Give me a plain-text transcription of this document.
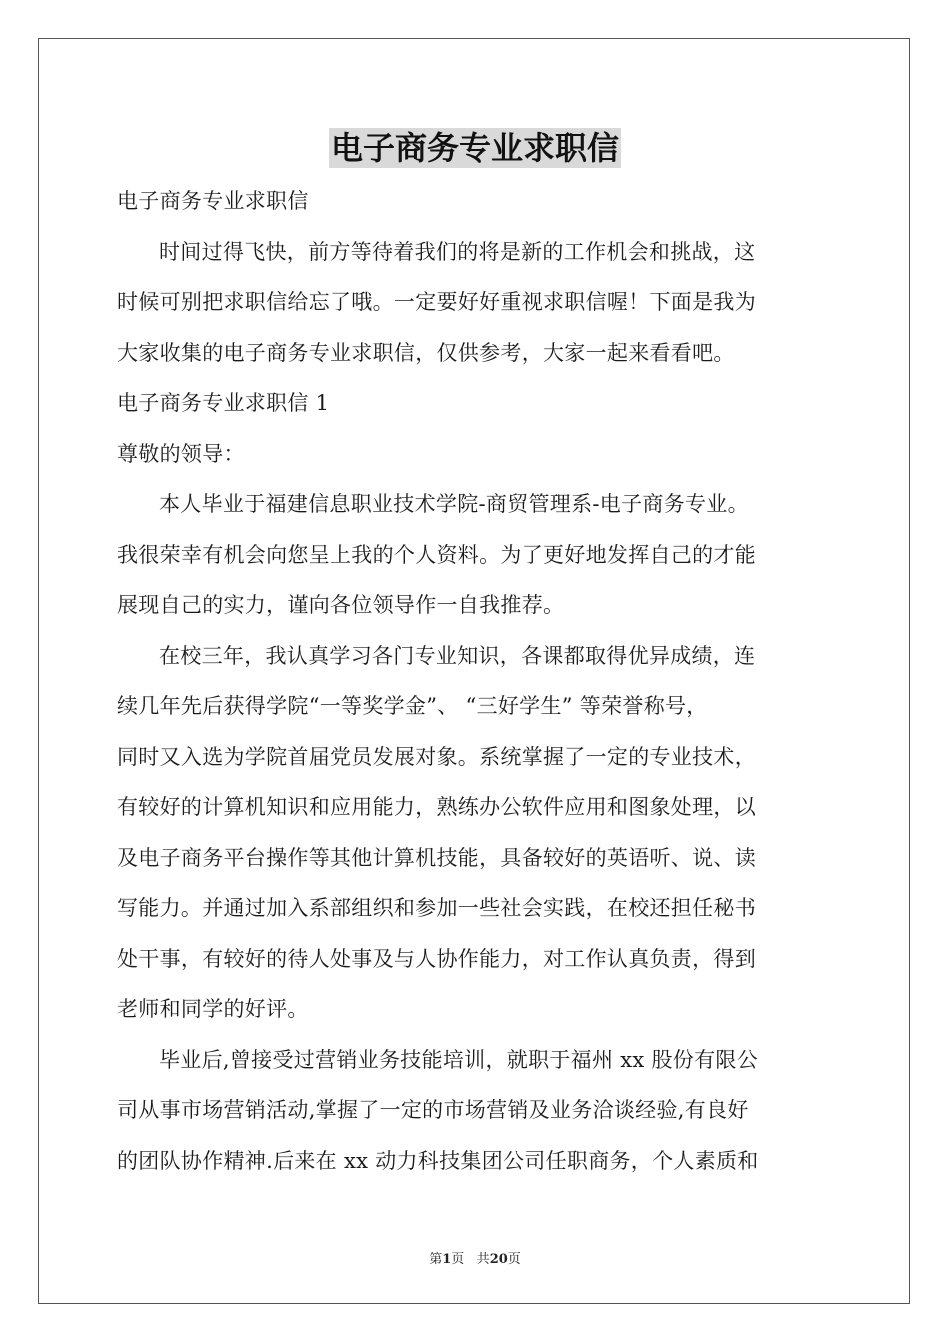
电子商务专业求职信
电子商务专业求职信
时间过得飞快，前方等待着我们的将是新的工作机会和挑战，这
时候可别把求职信给忘了哦。一定要好好重视求职信喔！下面是我为
大家收集的电子商务专业求职信，仅供参考，大家一起来看看吧。
电子商务专业求职信 1
尊敬的领导：
本人毕业于福建信息职业技术学院-商贸管理系-电子商务专业。
我很荣幸有机会向您呈上我的个人资料。为了更好地发挥自己的才能
展现自己的实力，谨向各位领导作一自我推荐。
在校三年，我认真学习各门专业知识，各课都取得优异成绩，连
续几年先后获得学院“一等奖学金”、 “三好学生” 等荣誉称号，
同时又入选为学院首届党员发展对象。系统掌握了一定的专业技术，
有较好的计算机知识和应用能力，熟练办公软件应用和图象处理，以
及电子商务平台操作等其他计算机技能，具备较好的英语听、说、读
写能力。并通过加入系部组织和参加一些社会实践，在校还担任秘书
处干事，有较好的待人处事及与人协作能力，对工作认真负责，得到
老师和同学的好评。
毕业后,曾接受过营销业务技能培训，就职于福州 xx 股份有限公
司从事市场营销活动,掌握了一定的市场营销及业务洽谈经验,有良好
的团队协作精神.后来在 xx 动力科技集团公司任职商务，个人素质和
第1页 共20页
